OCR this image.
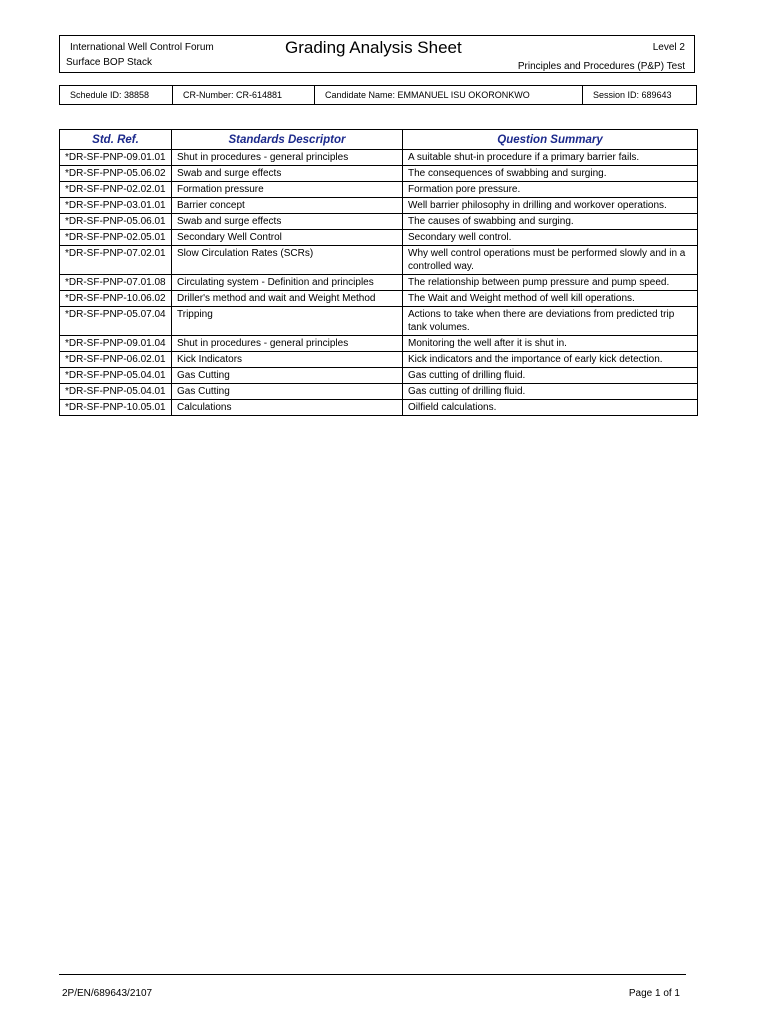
International Well Control Forum
Surface BOP Stack
Grading Analysis Sheet	Level 2
Principles and Procedures (P&P) Test
Schedule ID: 38858	CR-Number: CR-614881	Candidate Name: EMMANUEL ISU OKORONKWO	Session ID: 689643
Std. Ref.	Standards Descriptor	Question Summary
*DR-SF-PNP-09.01.01	Shut in procedures - general principles	A suitable shut-in procedure if a primary barrier fails.
*DR-SF-PNP-05.06.02	Swab and surge effects	The consequences of swabbing and surging.
*DR-SF-PNP-02.02.01	Formation pressure	Formation pore pressure.
*DR-SF-PNP-03.01.01	Barrier concept	Well barrier philosophy in drilling and workover operations.
*DR-SF-PNP-05.06.01	Swab and surge effects	The causes of swabbing and surging.
*DR-SF-PNP-02.05.01	Secondary Well Control	Secondary well control.
*DR-SF-PNP-07.02.01	Slow Circulation Rates (SCRs)	Why well control operations must be performed slowly and in a controlled way.
*DR-SF-PNP-07.01.08	Circulating system - Definition and principles	The relationship between pump pressure and pump speed.
*DR-SF-PNP-10.06.02	Driller's method and wait and Weight Method	The Wait and Weight method of well kill operations.
*DR-SF-PNP-05.07.04	Tripping	Actions to take when there are deviations from predicted trip tank volumes.
*DR-SF-PNP-09.01.04	Shut in procedures - general principles	Monitoring the well after it is shut in.
*DR-SF-PNP-06.02.01	Kick Indicators	Kick indicators and the importance of early kick detection.
*DR-SF-PNP-05.04.01	Gas Cutting	Gas cutting of drilling fluid.
*DR-SF-PNP-05.04.01	Gas Cutting	Gas cutting of drilling fluid.
*DR-SF-PNP-10.05.01	Calculations	Oilfield calculations.
2P/EN/689643/2107	Page 1 of 1
